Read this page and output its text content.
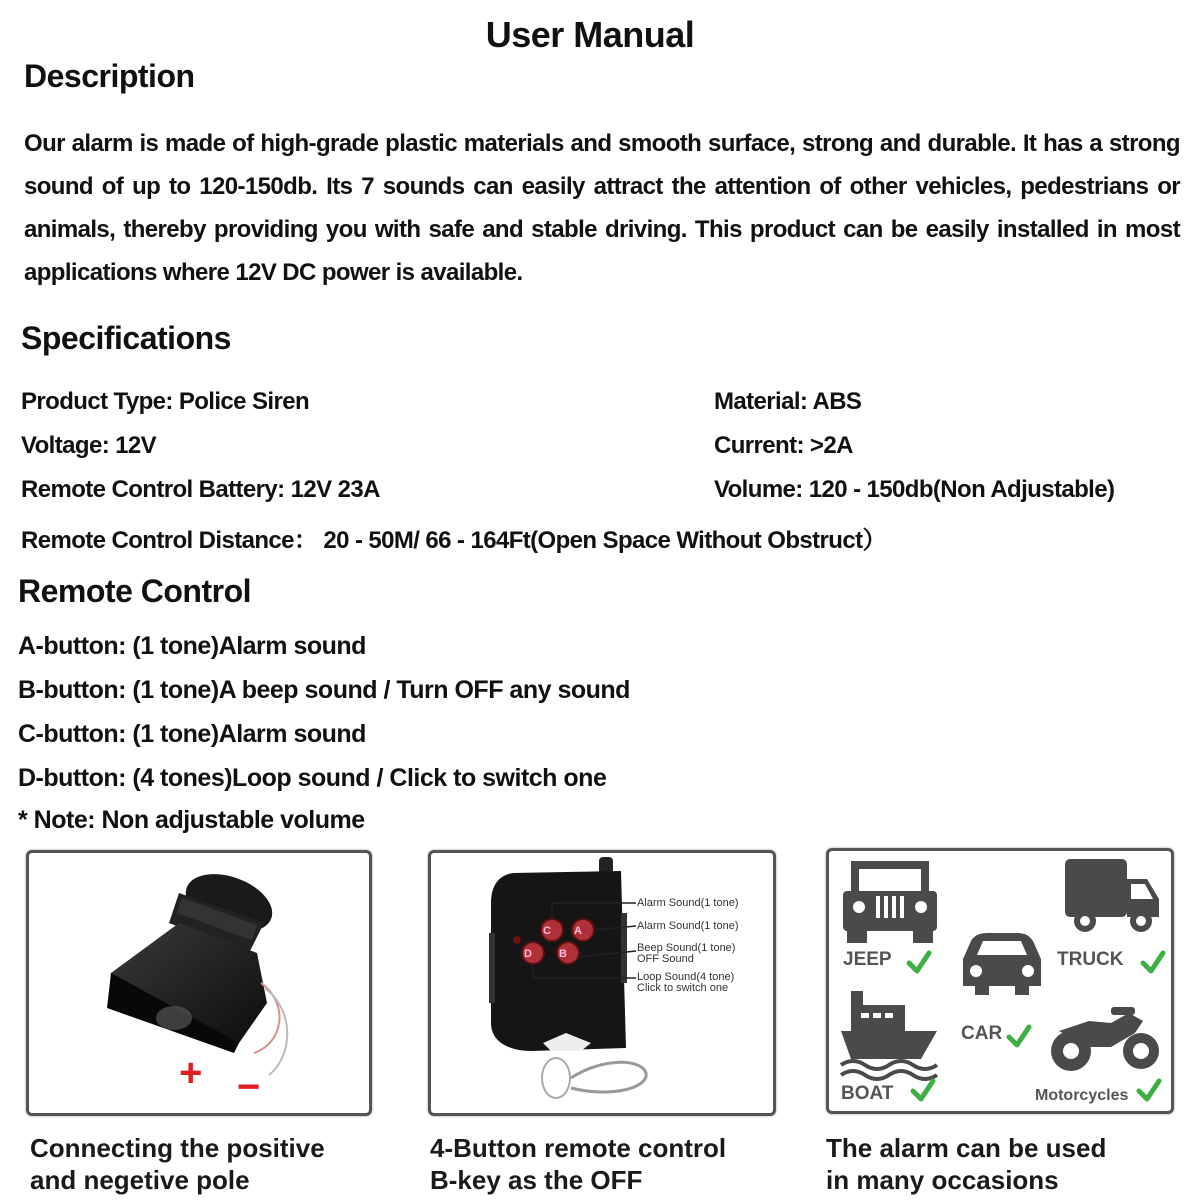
User Manual
Description
Our alarm is made of high-grade plastic materials and smooth surface, strong and durable. It has a strong sound of up to 120-150db. Its 7 sounds can easily attract the attention of other vehicles, pedestrians or animals, thereby providing you with safe and stable driving. This product can be easily installed in most applications where 12V DC power is available.
Specifications
Product Type: Police Siren
Voltage: 12V
Remote Control Battery: 12V 23A
Material: ABS
Current: >2A
Volume: 120 - 150db(Non Adjustable)
Remote Control Distance： 20 - 50M/ 66 - 164Ft(Open Space Without Obstruct）
Remote Control
A-button: (1 tone)Alarm sound
B-button: (1 tone)A beep sound / Turn OFF any sound
C-button: (1 tone)Alarm sound
D-button: (4 tones)Loop sound / Click to switch one
* Note: Non adjustable volume
+ −
Connecting the positive
and negetive pole
C A
D B
Alarm Sound(1 tone)
Alarm Sound(1 tone)
Beep Sound(1 tone)
OFF Sound
Loop Sound(4 tone)
Click to switch one
4-Button remote control
B-key as the OFF
JEEP	TRUCK
CAR
BOAT	Motorcycles
The alarm can be used
in many occasions
